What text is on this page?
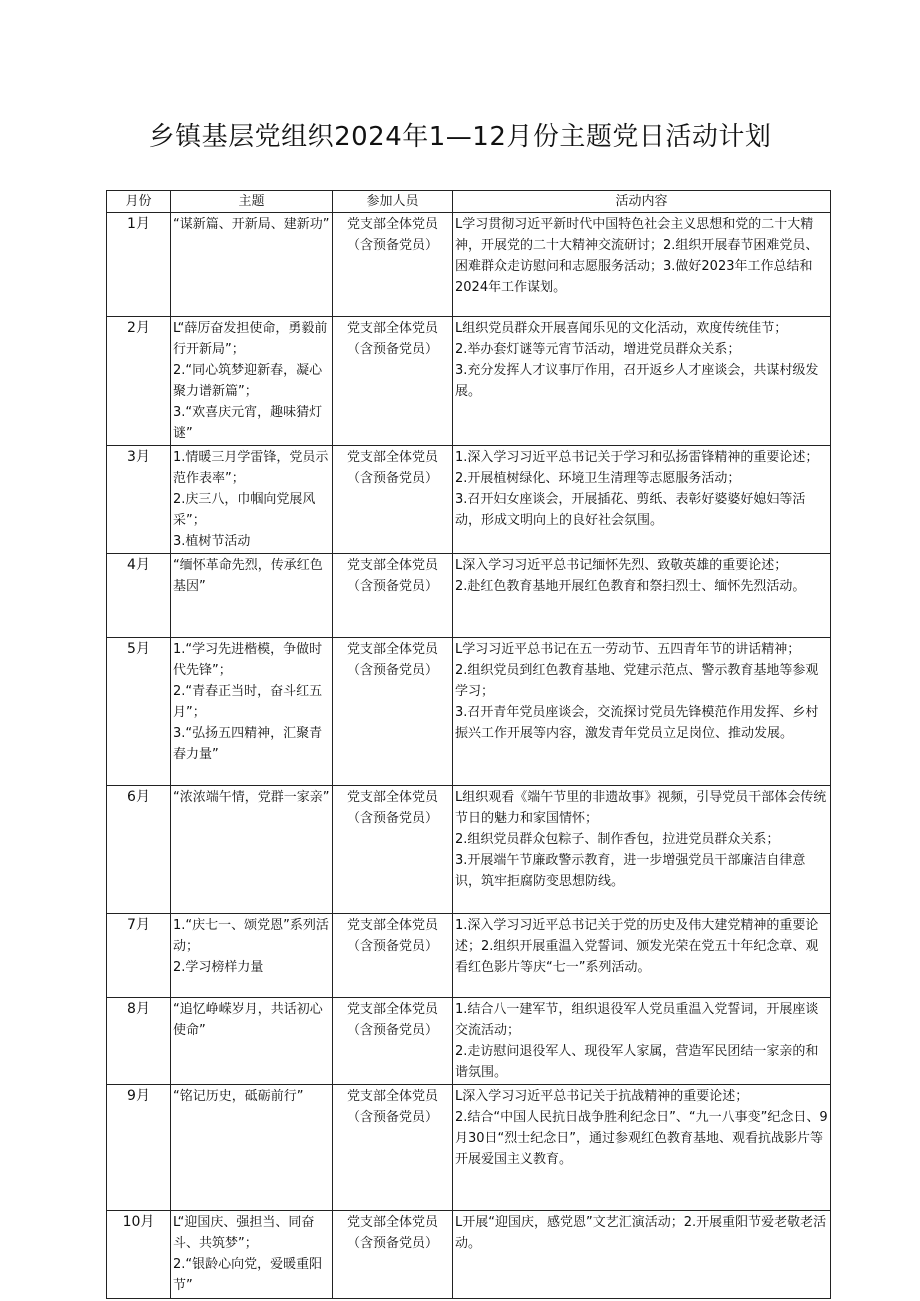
乡镇基层党组织2024年1—12月份主题党日活动计划
月份	主题	参加人员	活动内容
1月	“谋新篇、开新局、建新功”	党支部全体党员
（含预备党员）	L学习贯彻习近平新时代中国特色社会主义思想和党的二十大精神，开展党的二十大精神交流研讨；2.组织开展春节困难党员、困难群众走访慰问和志愿服务活动；3.做好2023年工作总结和2024年工作谋划。

2月	L“薛厉奋发担使命，勇毅前行开新局”；
2.“同心筑梦迎新春，凝心聚力谱新篇”；
3.“欢喜庆元宵，趣味猜灯谜”	党支部全体党员
（含预备党员）	L组织党员群众开展喜闻乐见的文化活动，欢度传统佳节；
2.举办套灯谜等元宵节活动，增进党员群众关系；
3.充分发挥人才议事厅作用，召开返乡人才座谈会，共谋村级发展。

3月	1.情暖三月学雷锋，党员示范作表率”；
2.庆三八，巾帼向党展风采”；
3.植树节活动	党支部全体党员
（含预备党员）	1.深入学习习近平总书记关于学习和弘扬雷锋精神的重要论述；
2.开展植树绿化、环境卫生清理等志愿服务活动；
3.召开妇女座谈会，开展插花、剪纸、表彰好婆婆好媳妇等活动，形成文明向上的良好社会氛围。

4月	“缅怀革命先烈，传承红色基因”	党支部全体党员
（含预备党员）	L深入学习习近平总书记缅怀先烈、致敬英雄的重要论述；
2.赴红色教育基地开展红色教育和祭扫烈士、缅怀先烈活动。

5月	1.“学习先进楷模，争做时代先锋”；
2.“青春正当时，奋斗红五月”；
3.“弘扬五四精神，汇聚青春力量”	党支部全体党员
（含预备党员）	L学习习近平总书记在五一劳动节、五四青年节的讲话精神；
2.组织党员到红色教育基地、党建示范点、警示教育基地等参观学习；
3.召开青年党员座谈会，交流探讨党员先锋模范作用发挥、乡村振兴工作开展等内容，激发青年党员立足岗位、推动发展。

6月	“浓浓端午情，党群一家亲”	党支部全体党员
（含预备党员）	L组织观看《端午节里的非遗故事》视频，引导党员干部体会传统节日的魅力和家国情怀；
2.组织党员群众包粽子、制作香包，拉进党员群众关系；
3.开展端午节廉政警示教育，进一步增强党员干部廉洁自律意识，筑牢拒腐防变思想防线。

7月	1.“庆七一、颂党恩”系列活动；
2.学习榜样力量	党支部全体党员
（含预备党员）	1.深入学习习近平总书记关于党的历史及伟大建党精神的重要论述；2.组织开展重温入党誓词、颁发光荣在党五十年纪念章、观看红色影片等庆“七一”系列活动。

8月	“追忆峥嵘岁月，共话初心使命”	党支部全体党员
（含预备党员）	1.结合八一建军节，组织退役军人党员重温入党誓词，开展座谈交流活动；
2.走访慰问退役军人、现役军人家属，营造军民团结一家亲的和谐氛围。

9月	“铭记历史，砥砺前行”	党支部全体党员
（含预备党员）	L深入学习习近平总书记关于抗战精神的重要论述；
2.结合“中国人民抗日战争胜利纪念日”、“九一八事变”纪念日、9月30日“烈士纪念日”，通过参观红色教育基地、观看抗战影片等开展爱国主义教育。

10月	L“迎国庆、强担当、同奋斗、共筑梦”；
2.“银龄心向党，爱暖重阳节”	党支部全体党员
（含预备党员）	L开展“迎国庆，感党恩”文艺汇演活动；2.开展重阳节爱老敬老活动。
